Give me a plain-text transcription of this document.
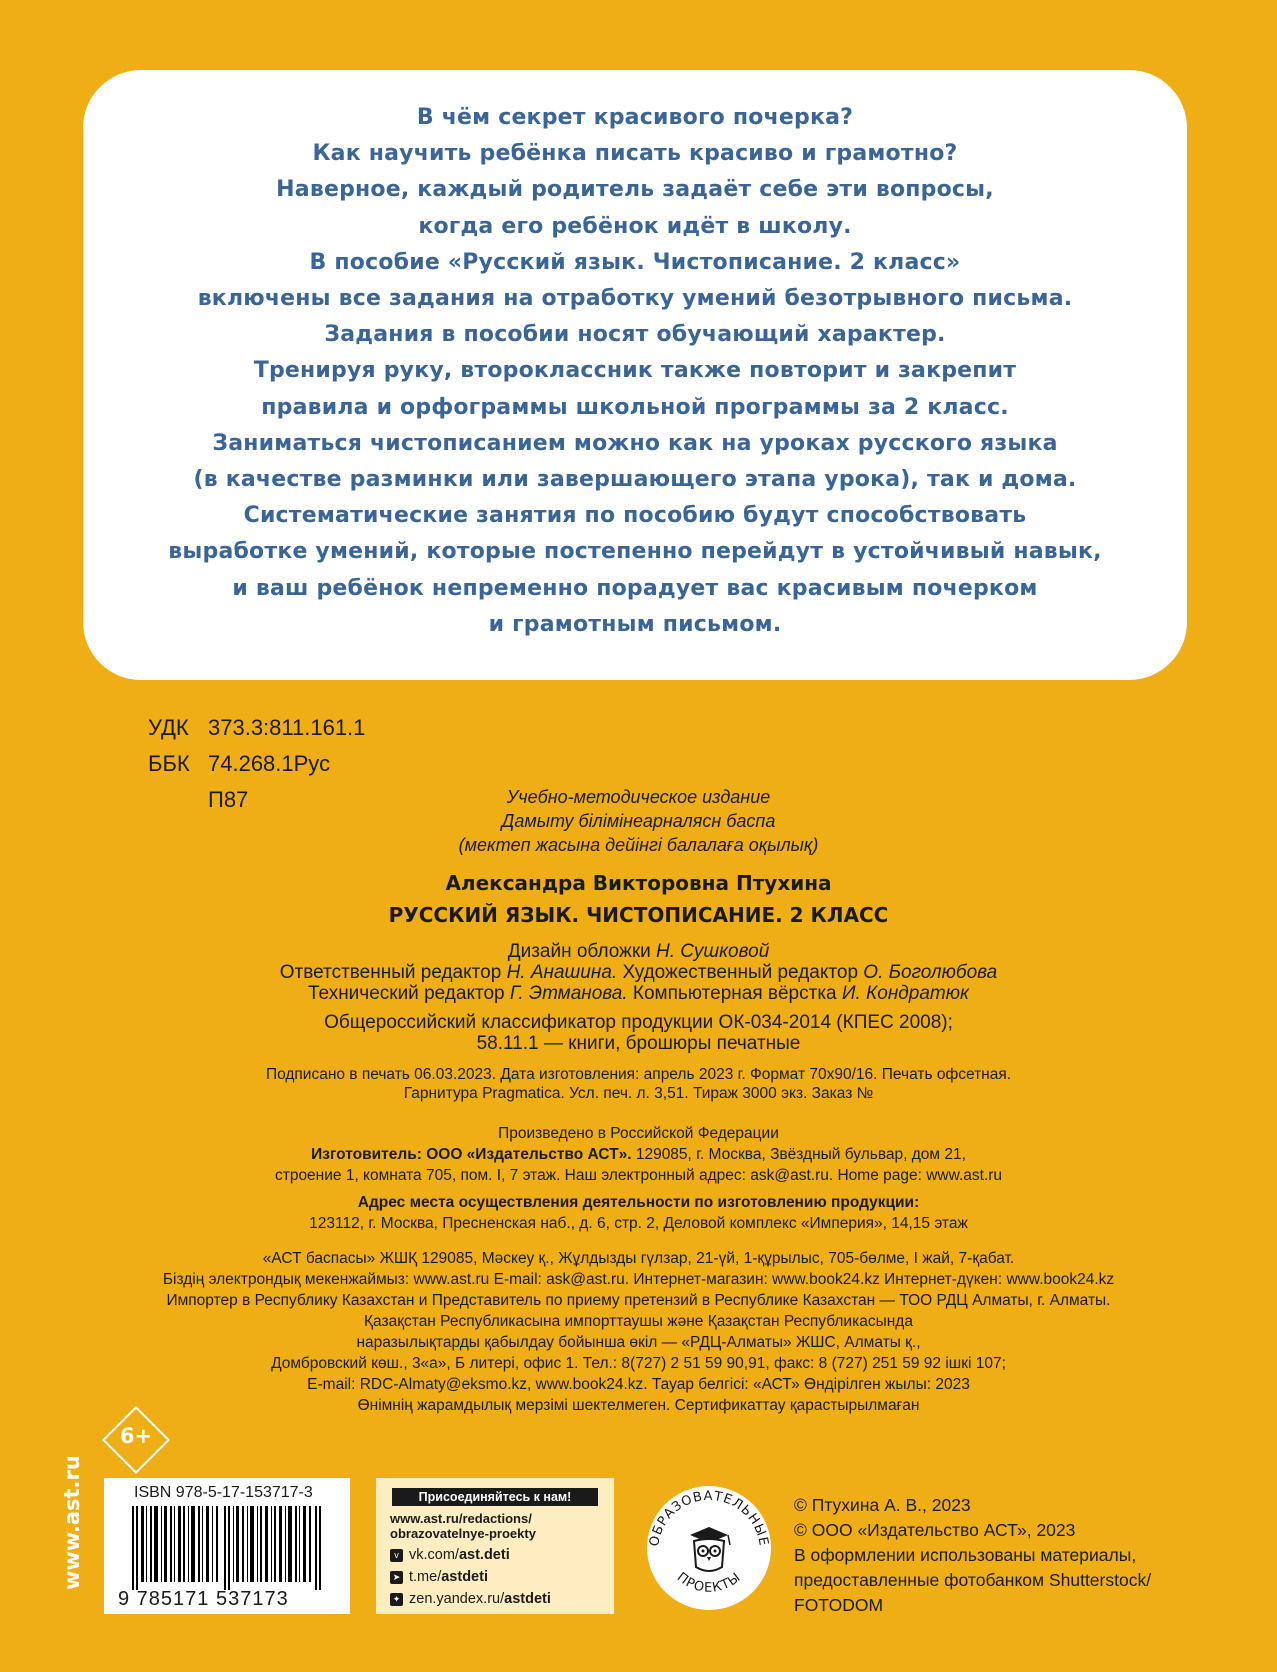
В чём секрет красивого почерка?
Как научить ребёнка писать красиво и грамотно?
Наверное, каждый родитель задаёт себе эти вопросы,
когда его ребёнок идёт в школу.
В пособие «Русский язык. Чистописание. 2 класс»
включены все задания на отработку умений безотрывного письма.
Задания в пособии носят обучающий характер.
Тренируя руку, второклассник также повторит и закрепит
правила и орфограммы школьной программы за 2 класс.
Заниматься чистописанием можно как на уроках русского языка
(в качестве разминки или завершающего этапа урока), так и дома.
Систематические занятия по пособию будут способствовать
выработке умений, которые постепенно перейдут в устойчивый навык,
и ваш ребёнок непременно порадует вас красивым почерком
и грамотным письмом.
УДК 373.3:811.161.1
ББК 74.268.1Рус
П87	Учебно-методическое издание
Дамыту білімінеарналясн баспа
(мектеп жасына дейінгі балалаға оқылық)
Александра Викторовна Птухина
РУССКИЙ ЯЗЫК. ЧИСТОПИСАНИЕ. 2 КЛАСС
Дизайн обложки Н. Сушковой
Ответственный редактор Н. Анашина. Художественный редактор О. Боголюбова
Технический редактор Г. Этманова. Компьютерная вёрстка И. Кондратюк
Общероссийский классификатор продукции ОК-034-2014 (КПЕС 2008);
58.11.1 — книги, брошюры печатные
Подписано в печать 06.03.2023. Дата изготовления: апрель 2023 г. Формат 70x90/16. Печать офсетная.
Гарнитура Pragmatica. Усл. печ. л. 3,51. Тираж 3000 экз. Заказ №
Произведено в Российской Федерации
Изготовитель: ООО «Издательство АСТ». 129085, г. Москва, Звёздный бульвар, дом 21,
строение 1, комната 705, пом. I, 7 этаж. Наш электронный адрес: ask@ast.ru. Home page: www.ast.ru
Адрес места осуществления деятельности по изготовлению продукции:
123112, г. Москва, Пресненская наб., д. 6, стр. 2, Деловой комплекс «Империя», 14,15 этаж
«АСТ баспасы» ЖШҚ 129085, Мәскеу қ., Жұлдызды гүлзар, 21-үй, 1-құрылыс, 705-бөлме, I жай, 7-қабат.
Біздің электрондық мекенжаймыз: www.ast.ru E-mail: ask@ast.ru. Интернет-магазин: www.book24.kz Интернет-дүкен: www.book24.kz
Импортер в Республику Казахстан и Представитель по приему претензий в Республике Казахстан — ТОО РДЦ Алматы, г. Алматы.
Қазақстан Республикасына импорттаушы және Қазақстан Республикасында
наразылықтарды қабылдау бойынша өкіл — «РДЦ-Алматы» ЖШС, Алматы қ.,
Домбровский көш., 3«а», Б литері, офис 1. Тел.: 8(727) 2 51 59 90,91, факс: 8 (727) 251 59 92 ішкі 107;
E-mail: RDC-Almaty@eksmo.kz, www.book24.kz. Тауар белгісі: «АСТ» Өндірілген жылы: 2023
Өнімнің жарамдылық мерзімі шектелмеген. Сертификаттау қарастырылмаған
6+
www.ast.ru	ISBN 978-5-17-153717-3
9 785171 537173
Присоединяйтесь к нам!
www.ast.ru/redactions/
obrazovatelnye-proekty
v vk.com/ ast.deti
➤ t.me/ astdeti
✦ zen.yandex.ru/ astdeti
ОБРАЗОВАТЕЛЬНЫЕ
ПРОЕКТЫ
© Птухина А. В., 2023
© ООО «Издательство АСТ», 2023
В оформлении использованы материалы,
предоставленные фотобанком Shutterstock/
FOTODOM
